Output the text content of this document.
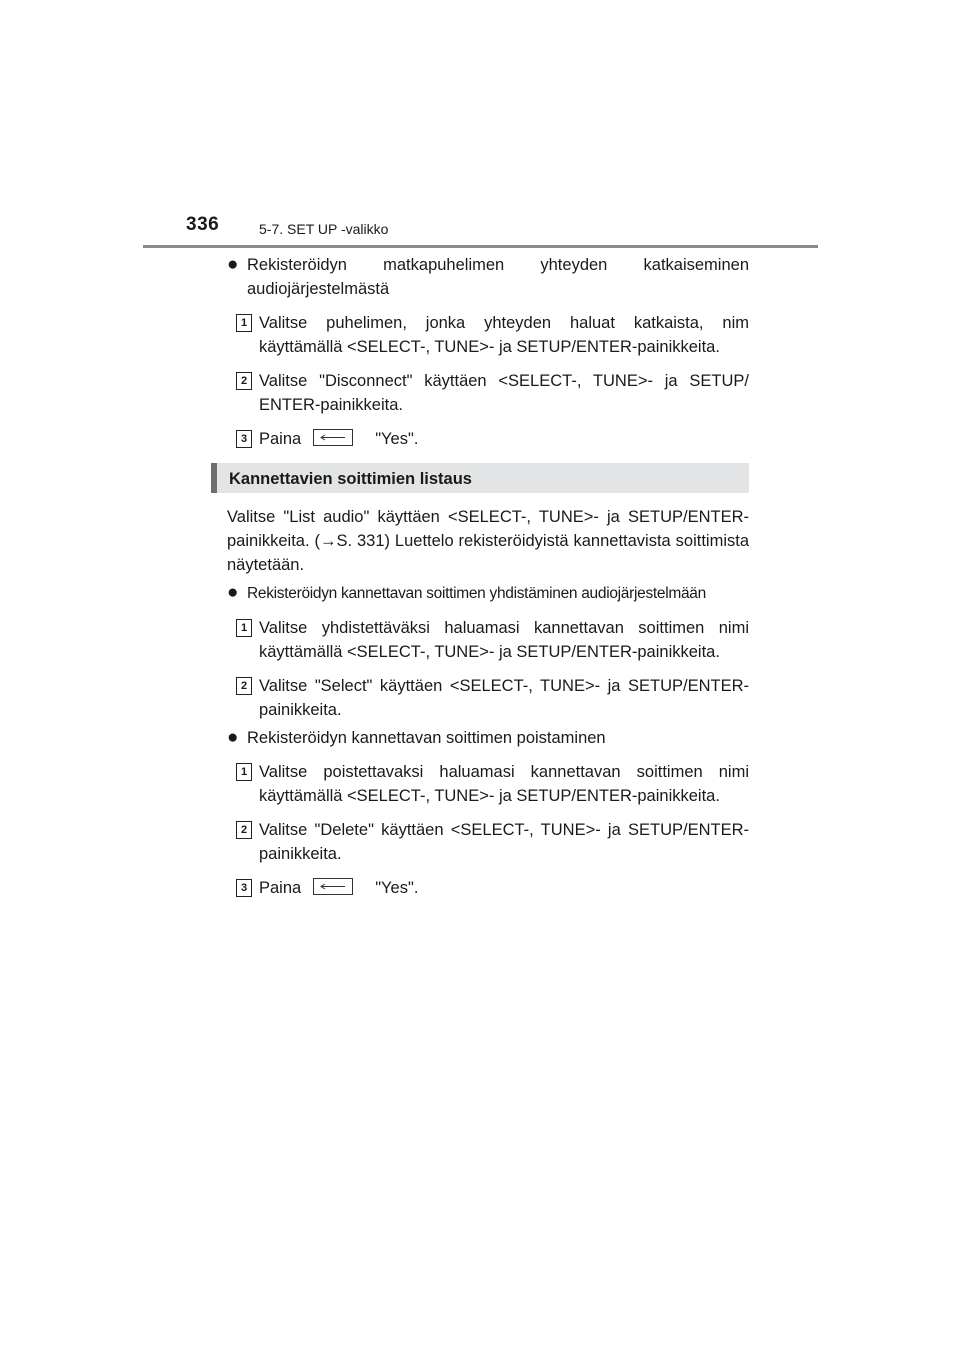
336	5-7. SET UP -valikko
● Rekisteröidyn matkapuhelimen yhteyden katkaiseminen audiojärjestelmästä
1 Valitse puhelimen, jonka yhteyden haluat katkaista, nim käyttämällä <SELECT-, TUNE>- ja SETUP/ENTER-painikkeita.
2 Valitse "Disconnect" käyttäen <SELECT-, TUNE>- ja SETUP/ ENTER-painikkeita.
3 Paina	"Yes".
Kannettavien soittimien listaus
Valitse "List audio" käyttäen <SELECT-, TUNE>- ja SETUP/ENTER-painikkeita. (→S. 331) Luettelo rekisteröidyistä kannettavista soittimista näytetään.
● Rekisteröidyn kannettavan soittimen yhdistäminen audiojärjestelmään
1 Valitse yhdistettäväksi haluamasi kannettavan soittimen nimi käyttämällä <SELECT-, TUNE>- ja SETUP/ENTER-painikkeita.
2 Valitse "Select" käyttäen <SELECT-, TUNE>- ja SETUP/ENTER-painikkeita.
● Rekisteröidyn kannettavan soittimen poistaminen
1 Valitse poistettavaksi haluamasi kannettavan soittimen nimi käyttämällä <SELECT-, TUNE>- ja SETUP/ENTER-painikkeita.
2 Valitse "Delete" käyttäen <SELECT-, TUNE>- ja SETUP/ENTER-painikkeita.
3 Paina	"Yes".
